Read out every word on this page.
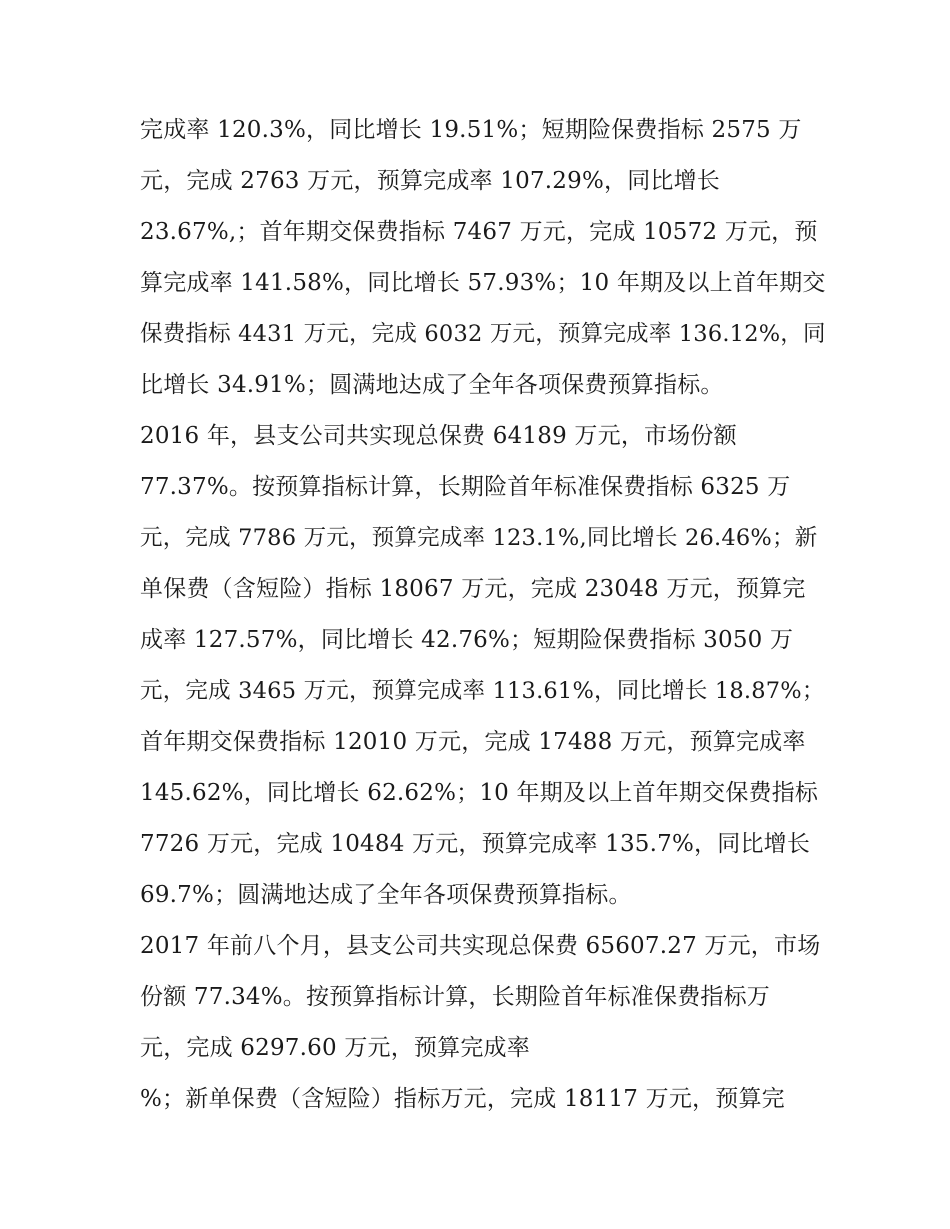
完成率 120.3%，同比增长 19.51%；短期险保费指标 2575 万
元，完成 2763 万元，预算完成率 107.29%，同比增长
23.67%,；首年期交保费指标 7467 万元，完成 10572 万元，预
算完成率 141.58%，同比增长 57.93%；10 年期及以上首年期交
保费指标 4431 万元，完成 6032 万元，预算完成率 136.12%，同
比增长 34.91%；圆满地达成了全年各项保费预算指标。
2016 年，县支公司共实现总保费 64189 万元，市场份额
77.37%。按预算指标计算，长期险首年标准保费指标 6325 万
元，完成 7786 万元，预算完成率 123.1%,同比增长 26.46%；新
单保费（含短险）指标 18067 万元，完成 23048 万元，预算完
成率 127.57%，同比增长 42.76%；短期险保费指标 3050 万
元，完成 3465 万元，预算完成率 113.61%，同比增长 18.87%；
首年期交保费指标 12010 万元，完成 17488 万元，预算完成率
145.62%，同比增长 62.62%；10 年期及以上首年期交保费指标
7726 万元，完成 10484 万元，预算完成率 135.7%，同比增长
69.7%；圆满地达成了全年各项保费预算指标。
2017 年前八个月，县支公司共实现总保费 65607.27 万元，市场
份额 77.34%。按预算指标计算，长期险首年标准保费指标万
元，完成 6297.60 万元，预算完成率
%；新单保费（含短险）指标万元，完成 18117 万元，预算完
